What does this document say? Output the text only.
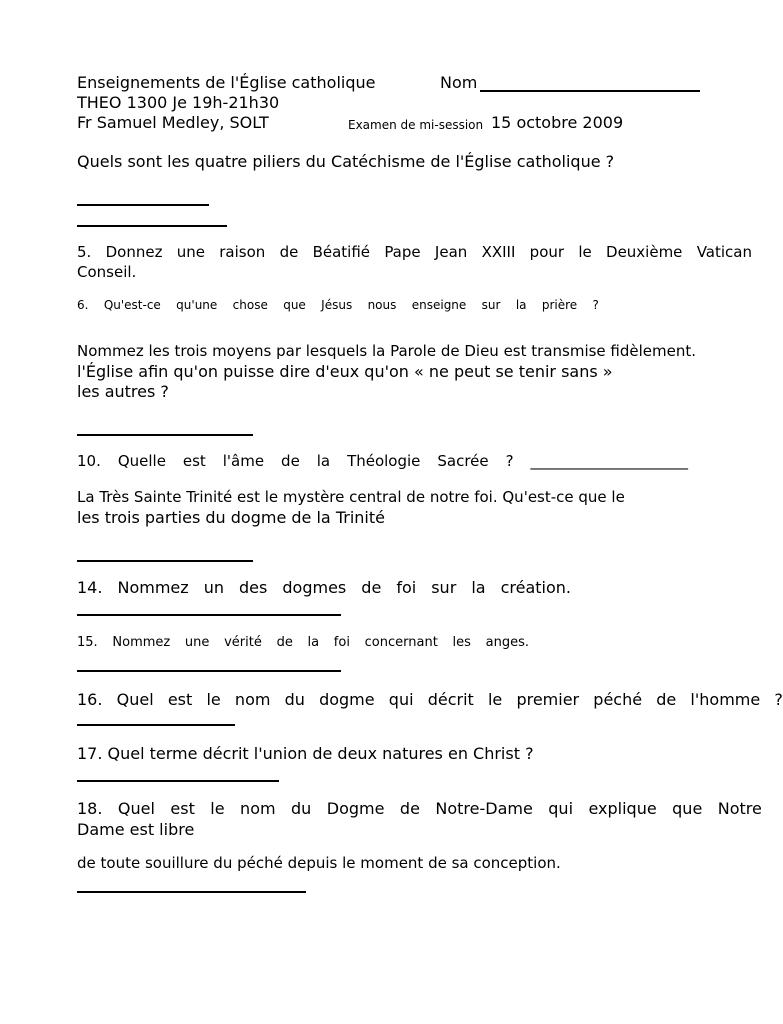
Enseignements de l'Église catholique	Nom
THEO 1300 Je 19h-21h30
Fr Samuel Medley, SOLT	Examen de mi-session 15 octobre 2009
Quels sont les quatre piliers du Catéchisme de l'Église catholique ?
5. Donnez une raison de Béatifié Pape Jean XXIII pour le Deuxième Vatican
Conseil.
6. Qu'est-ce qu'une chose que Jésus nous enseigne sur la prière ?
Nommez les trois moyens par lesquels la Parole de Dieu est transmise fidèlement.
l'Église afin qu'on puisse dire d'eux qu'on « ne peut se tenir sans »
les autres ?
10. Quelle est l'âme de la Théologie Sacrée ? _____________________
La Très Sainte Trinité est le mystère central de notre foi. Qu'est-ce que le
les trois parties du dogme de la Trinité
14. Nommez un des dogmes de foi sur la création.
15. Nommez une vérité de la foi concernant les anges.
16. Quel est le nom du dogme qui décrit le premier péché de l'homme ?
17. Quel terme décrit l'union de deux natures en Christ ?
18. Quel est le nom du Dogme de Notre-Dame qui explique que Notre
Dame est libre
de toute souillure du péché depuis le moment de sa conception.
